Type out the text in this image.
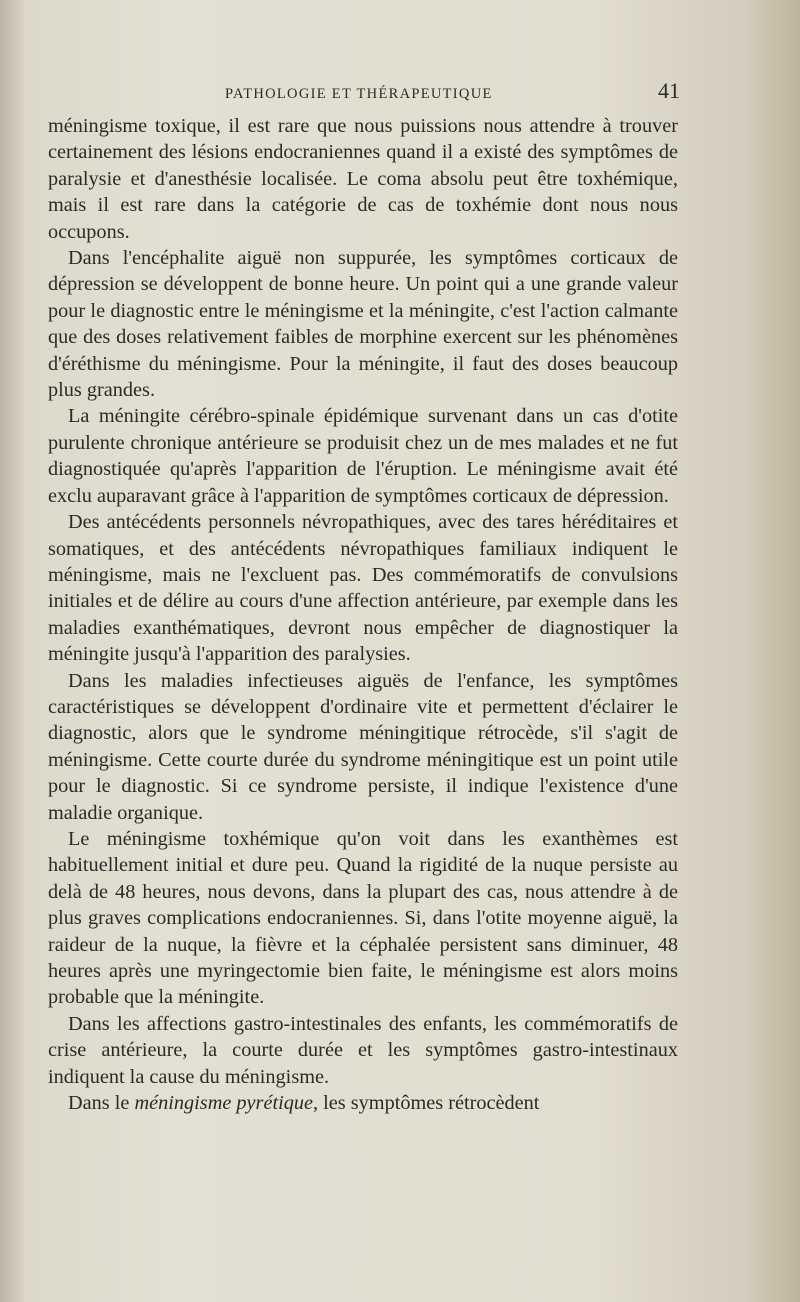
PATHOLOGIE ET THÉRAPEUTIQUE	41

méningisme toxique, il est rare que nous puissions nous attendre à trouver certainement des lésions endocraniennes quand il a existé des symptômes de paralysie et d'anesthésie localisée. Le coma absolu peut être toxhémique, mais il est rare dans la catégorie de cas de toxhémie dont nous nous occupons.

Dans l'encéphalite aiguë non suppurée, les symptômes corticaux de dépression se développent de bonne heure. Un point qui a une grande valeur pour le diagnostic entre le méningisme et la méningite, c'est l'action calmante que des doses relativement faibles de morphine exercent sur les phénomènes d'éréthisme du méningisme. Pour la méningite, il faut des doses beaucoup plus grandes.

La méningite cérébro-spinale épidémique survenant dans un cas d'otite purulente chronique antérieure se produisit chez un de mes malades et ne fut diagnostiquée qu'après l'apparition de l'éruption. Le méningisme avait été exclu auparavant grâce à l'apparition de symptômes corticaux de dépression.

Des antécédents personnels névropathiques, avec des tares héréditaires et somatiques, et des antécédents névropathiques familiaux indiquent le méningisme, mais ne l'excluent pas. Des commémoratifs de convulsions initiales et de délire au cours d'une affection antérieure, par exemple dans les maladies exanthématiques, devront nous empêcher de diagnostiquer la méningite jusqu'à l'apparition des paralysies.

Dans les maladies infectieuses aiguës de l'enfance, les symptômes caractéristiques se développent d'ordinaire vite et permettent d'éclairer le diagnostic, alors que le syndrome méningitique rétrocède, s'il s'agit de méningisme. Cette courte durée du syndrome méningitique est un point utile pour le diagnostic. Si ce syndrome persiste, il indique l'existence d'une maladie organique.

Le méningisme toxhémique qu'on voit dans les exanthèmes est habituellement initial et dure peu. Quand la rigidité de la nuque persiste au delà de 48 heures, nous devons, dans la plupart des cas, nous attendre à de plus graves complications endocraniennes. Si, dans l'otite moyenne aiguë, la raideur de la nuque, la fièvre et la céphalée persistent sans diminuer, 48 heures après une myringectomie bien faite, le méningisme est alors moins probable que la méningite.

Dans les affections gastro-intestinales des enfants, les commémoratifs de crise antérieure, la courte durée et les symptômes gastro-intestinaux indiquent la cause du méningisme.

Dans le méningisme pyrétique, les symptômes rétrocèdent
